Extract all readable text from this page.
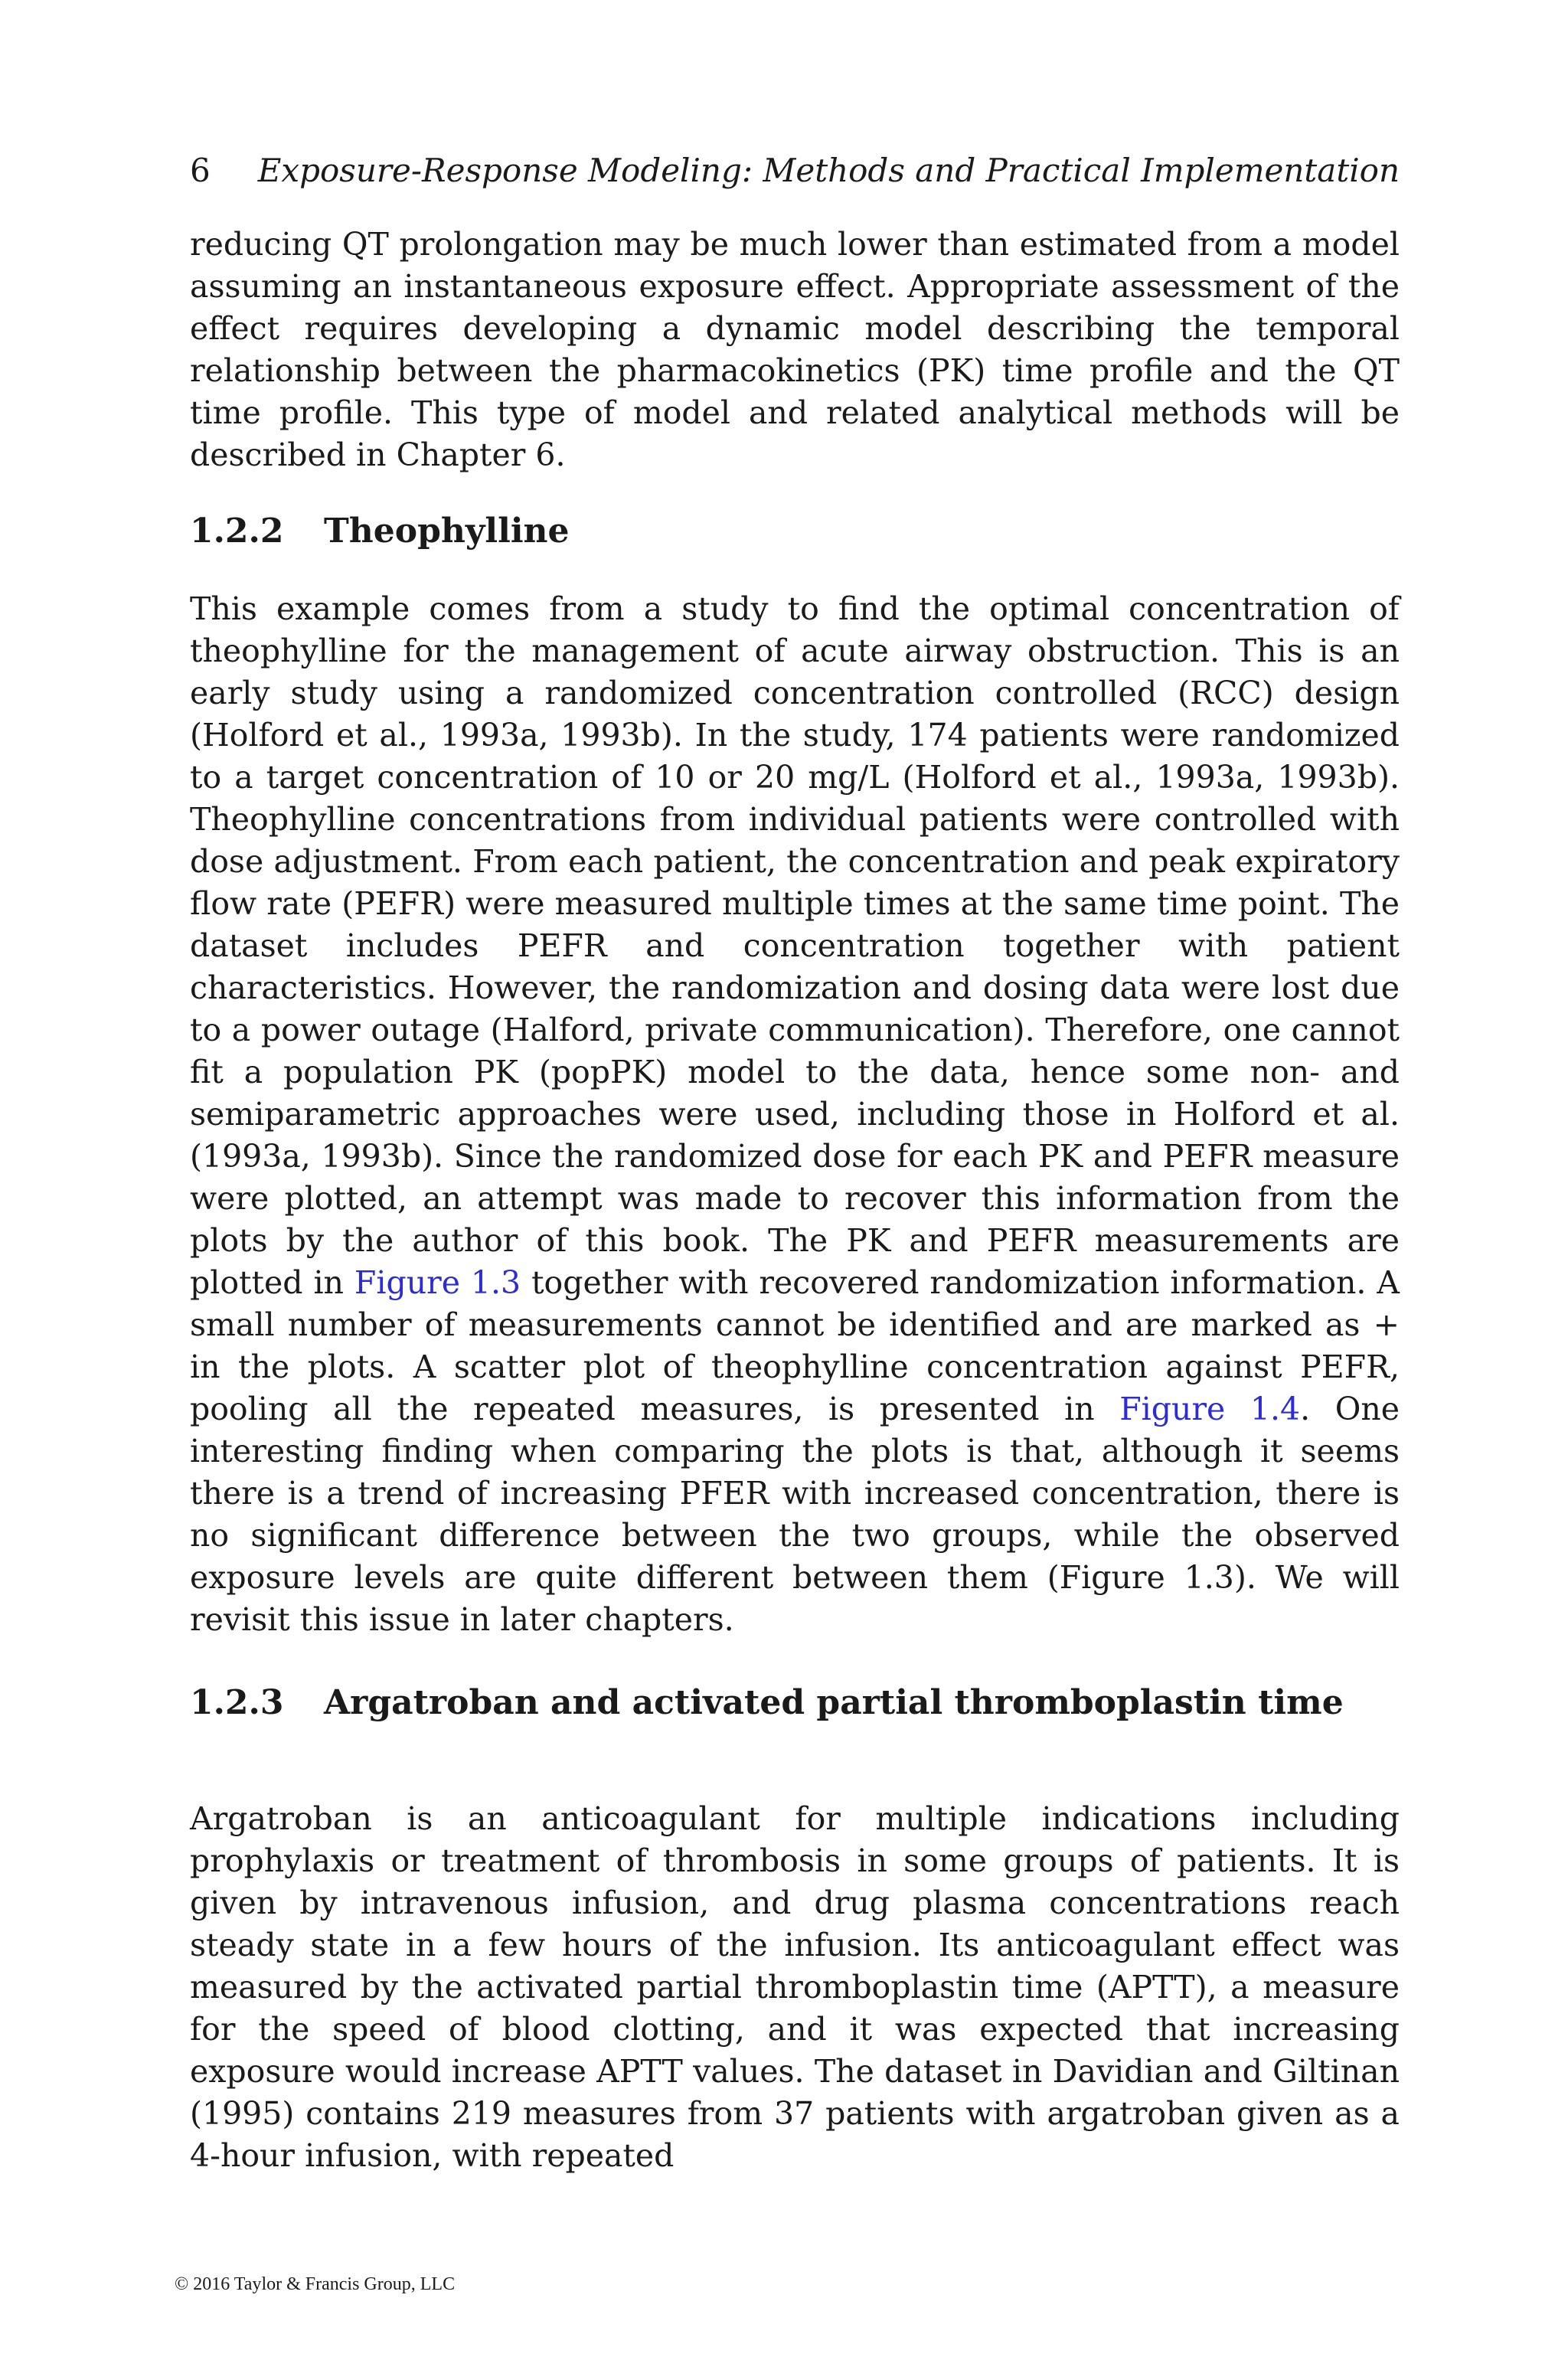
6 Exposure-Response Modeling: Methods and Practical Implementation

reducing QT prolongation may be much lower than estimated from a model assuming an instantaneous exposure effect. Appropriate assessment of the effect requires developing a dynamic model describing the temporal relationship between the pharmacokinetics (PK) time profile and the QT time profile. This type of model and related analytical methods will be described in Chapter 6.

1.2.2 Theophylline

This example comes from a study to find the optimal concentration of theophylline for the management of acute airway obstruction. This is an early study using a randomized concentration controlled (RCC) design (Holford et al., 1993a, 1993b). In the study, 174 patients were randomized to a target concentration of 10 or 20 mg/L (Holford et al., 1993a, 1993b). Theophylline concentrations from individual patients were controlled with dose adjustment. From each patient, the concentration and peak expiratory flow rate (PEFR) were measured multiple times at the same time point. The dataset includes PEFR and concentration together with patient characteristics. However, the randomization and dosing data were lost due to a power outage (Halford, private communication). Therefore, one cannot fit a population PK (popPK) model to the data, hence some non- and semiparametric approaches were used, including those in Holford et al. (1993a, 1993b). Since the randomized dose for each PK and PEFR measure were plotted, an attempt was made to recover this information from the plots by the author of this book. The PK and PEFR measurements are plotted in Figure 1.3 together with recovered randomization information. A small number of measurements cannot be identified and are marked as + in the plots. A scatter plot of theophylline concentration against PEFR, pooling all the repeated measures, is presented in Figure 1.4. One interesting finding when comparing the plots is that, although it seems there is a trend of increasing PFER with increased concentration, there is no significant difference between the two groups, while the observed exposure levels are quite different between them (Figure 1.3). We will revisit this issue in later chapters.

1.2.3 Argatroban and activated partial thromboplastin time

Argatroban is an anticoagulant for multiple indications including prophylaxis or treatment of thrombosis in some groups of patients. It is given by intravenous infusion, and drug plasma concentrations reach steady state in a few hours of the infusion. Its anticoagulant effect was measured by the activated partial thromboplastin time (APTT), a measure for the speed of blood clotting, and it was expected that increasing exposure would increase APTT values. The dataset in Davidian and Giltinan (1995) contains 219 measures from 37 patients with argatroban given as a 4-hour infusion, with repeated

© 2016 Taylor & Francis Group, LLC
